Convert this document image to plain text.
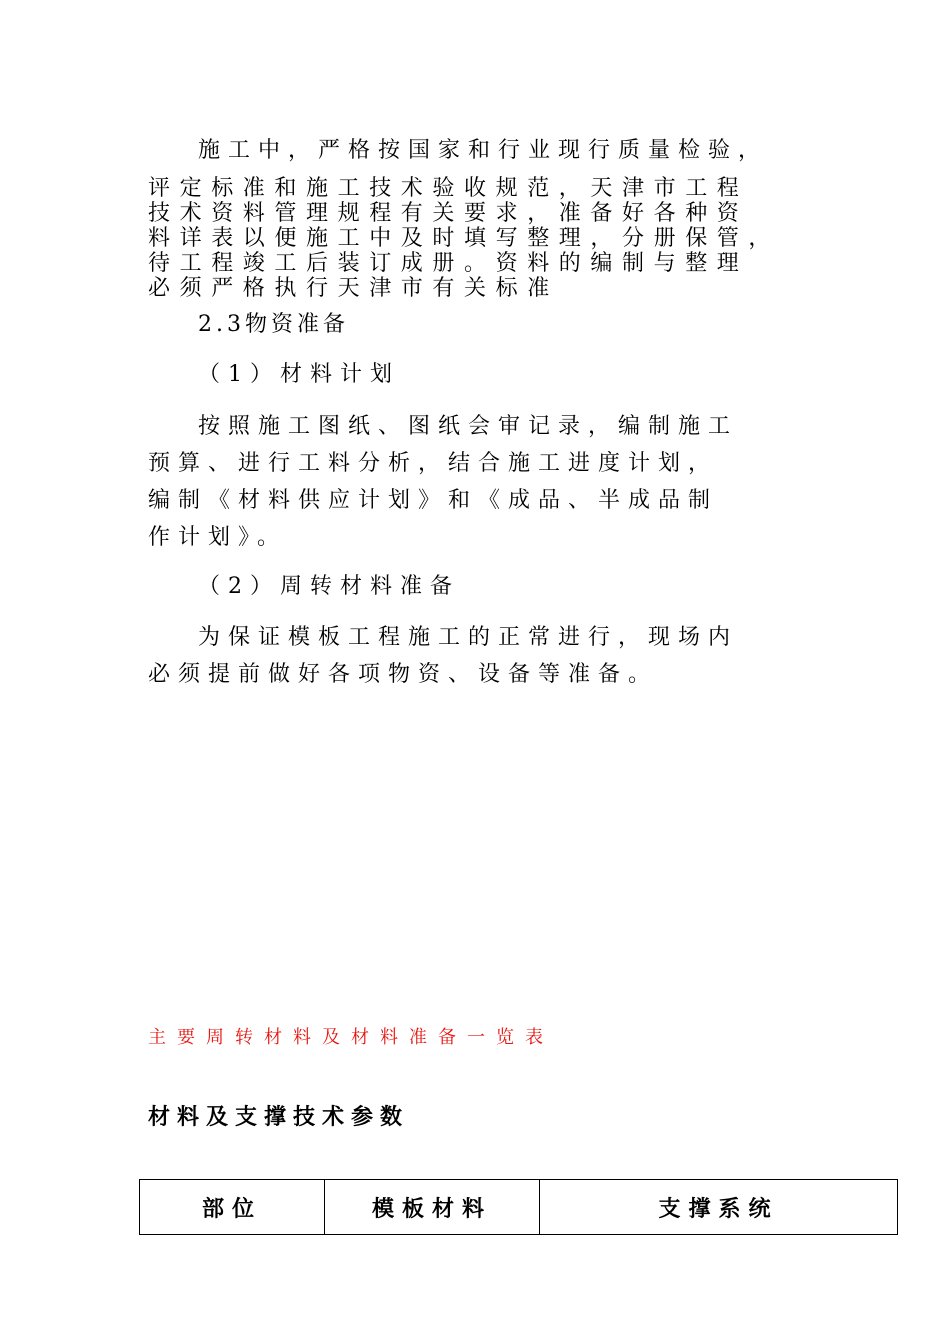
施工中，严格按国家和行业现行质量检验，
评定标准和施工技术验收规范，天津市工程
技术资料管理规程有关要求，准备好各种资
料详表以便施工中及时填写整理，分册保管，
待工程竣工后装订成册。资料的编制与整理
必须严格执行天津市有关标准
2.3物资准备
（1）材料计划
按照施工图纸、图纸会审记录，编制施工
预算、进行工料分析，结合施工进度计划，
编制《材料供应计划》和《成品、半成品制
作计划》。
（2）周转材料准备
为保证模板工程施工的正常进行，现场内
必须提前做好各项物资、设备等准备。
主要周转材料及材料准备一览表
材料及支撑技术参数
部位	模板材料	支撑系统
